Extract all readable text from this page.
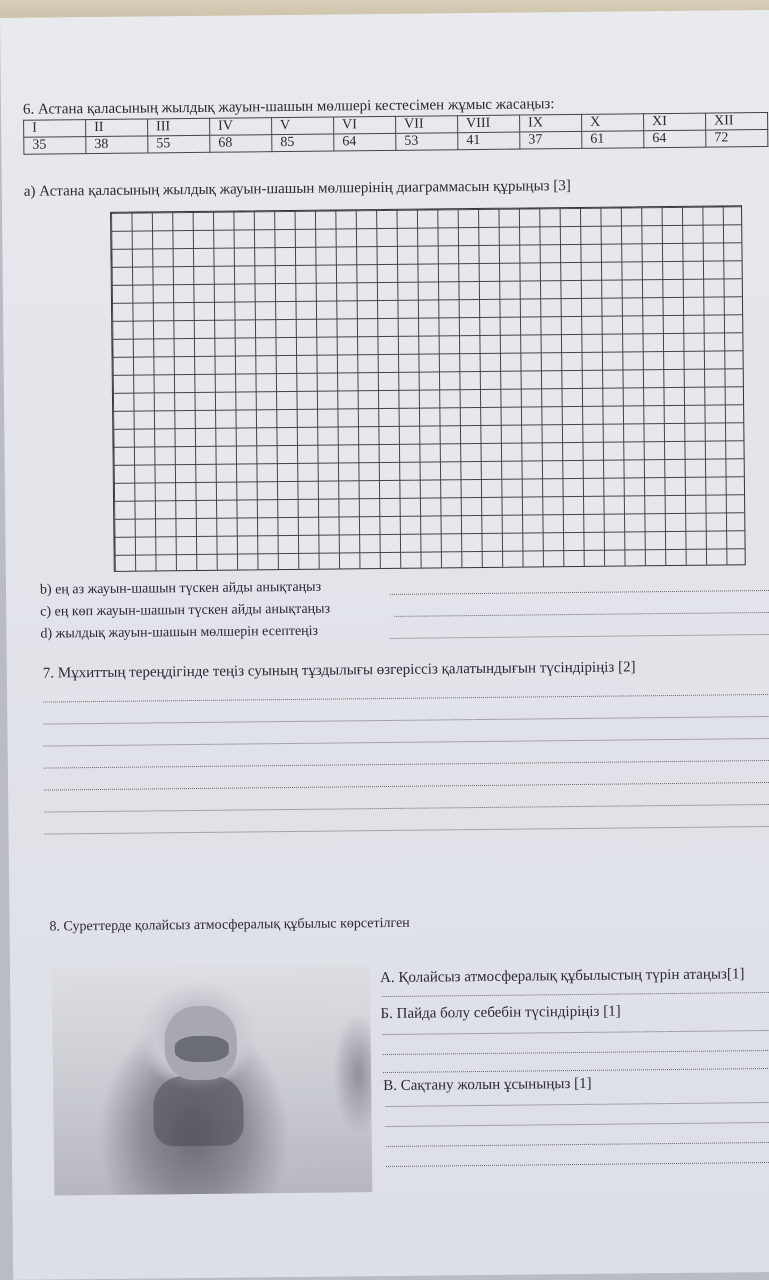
6. Астана қаласының жылдық жауын-шашын мөлшері кестесімен жұмыс жасаңыз:
I	II	III	IV	V	VI	VII	VIII	IX	X	XI	XII
35	38	55	68	85	64	53	41	37	61	64	72
а) Астана қаласының жылдық жауын-шашын мөлшерінің диаграммасын құрыңыз [3]
b) ең аз жауын-шашын түскен айды анықтаңыз
c) ең көп жауын-шашын түскен айды анықтаңыз
d) жылдық жауын-шашын мөлшерін есептеңіз
7. Мұхиттың тереңдігінде теңіз суының тұздылығы өзгеріссіз қалатындығын түсіндіріңіз [2]
8. Суреттерде қолайсыз атмосфералық құбылыс көрсетілген
А. Қолайсыз атмосфералық құбылыстың түрін атаңыз[1]
Б. Пайда болу себебін түсіндіріңіз [1]
В. Сақтану жолын ұсыныңыз [1]
